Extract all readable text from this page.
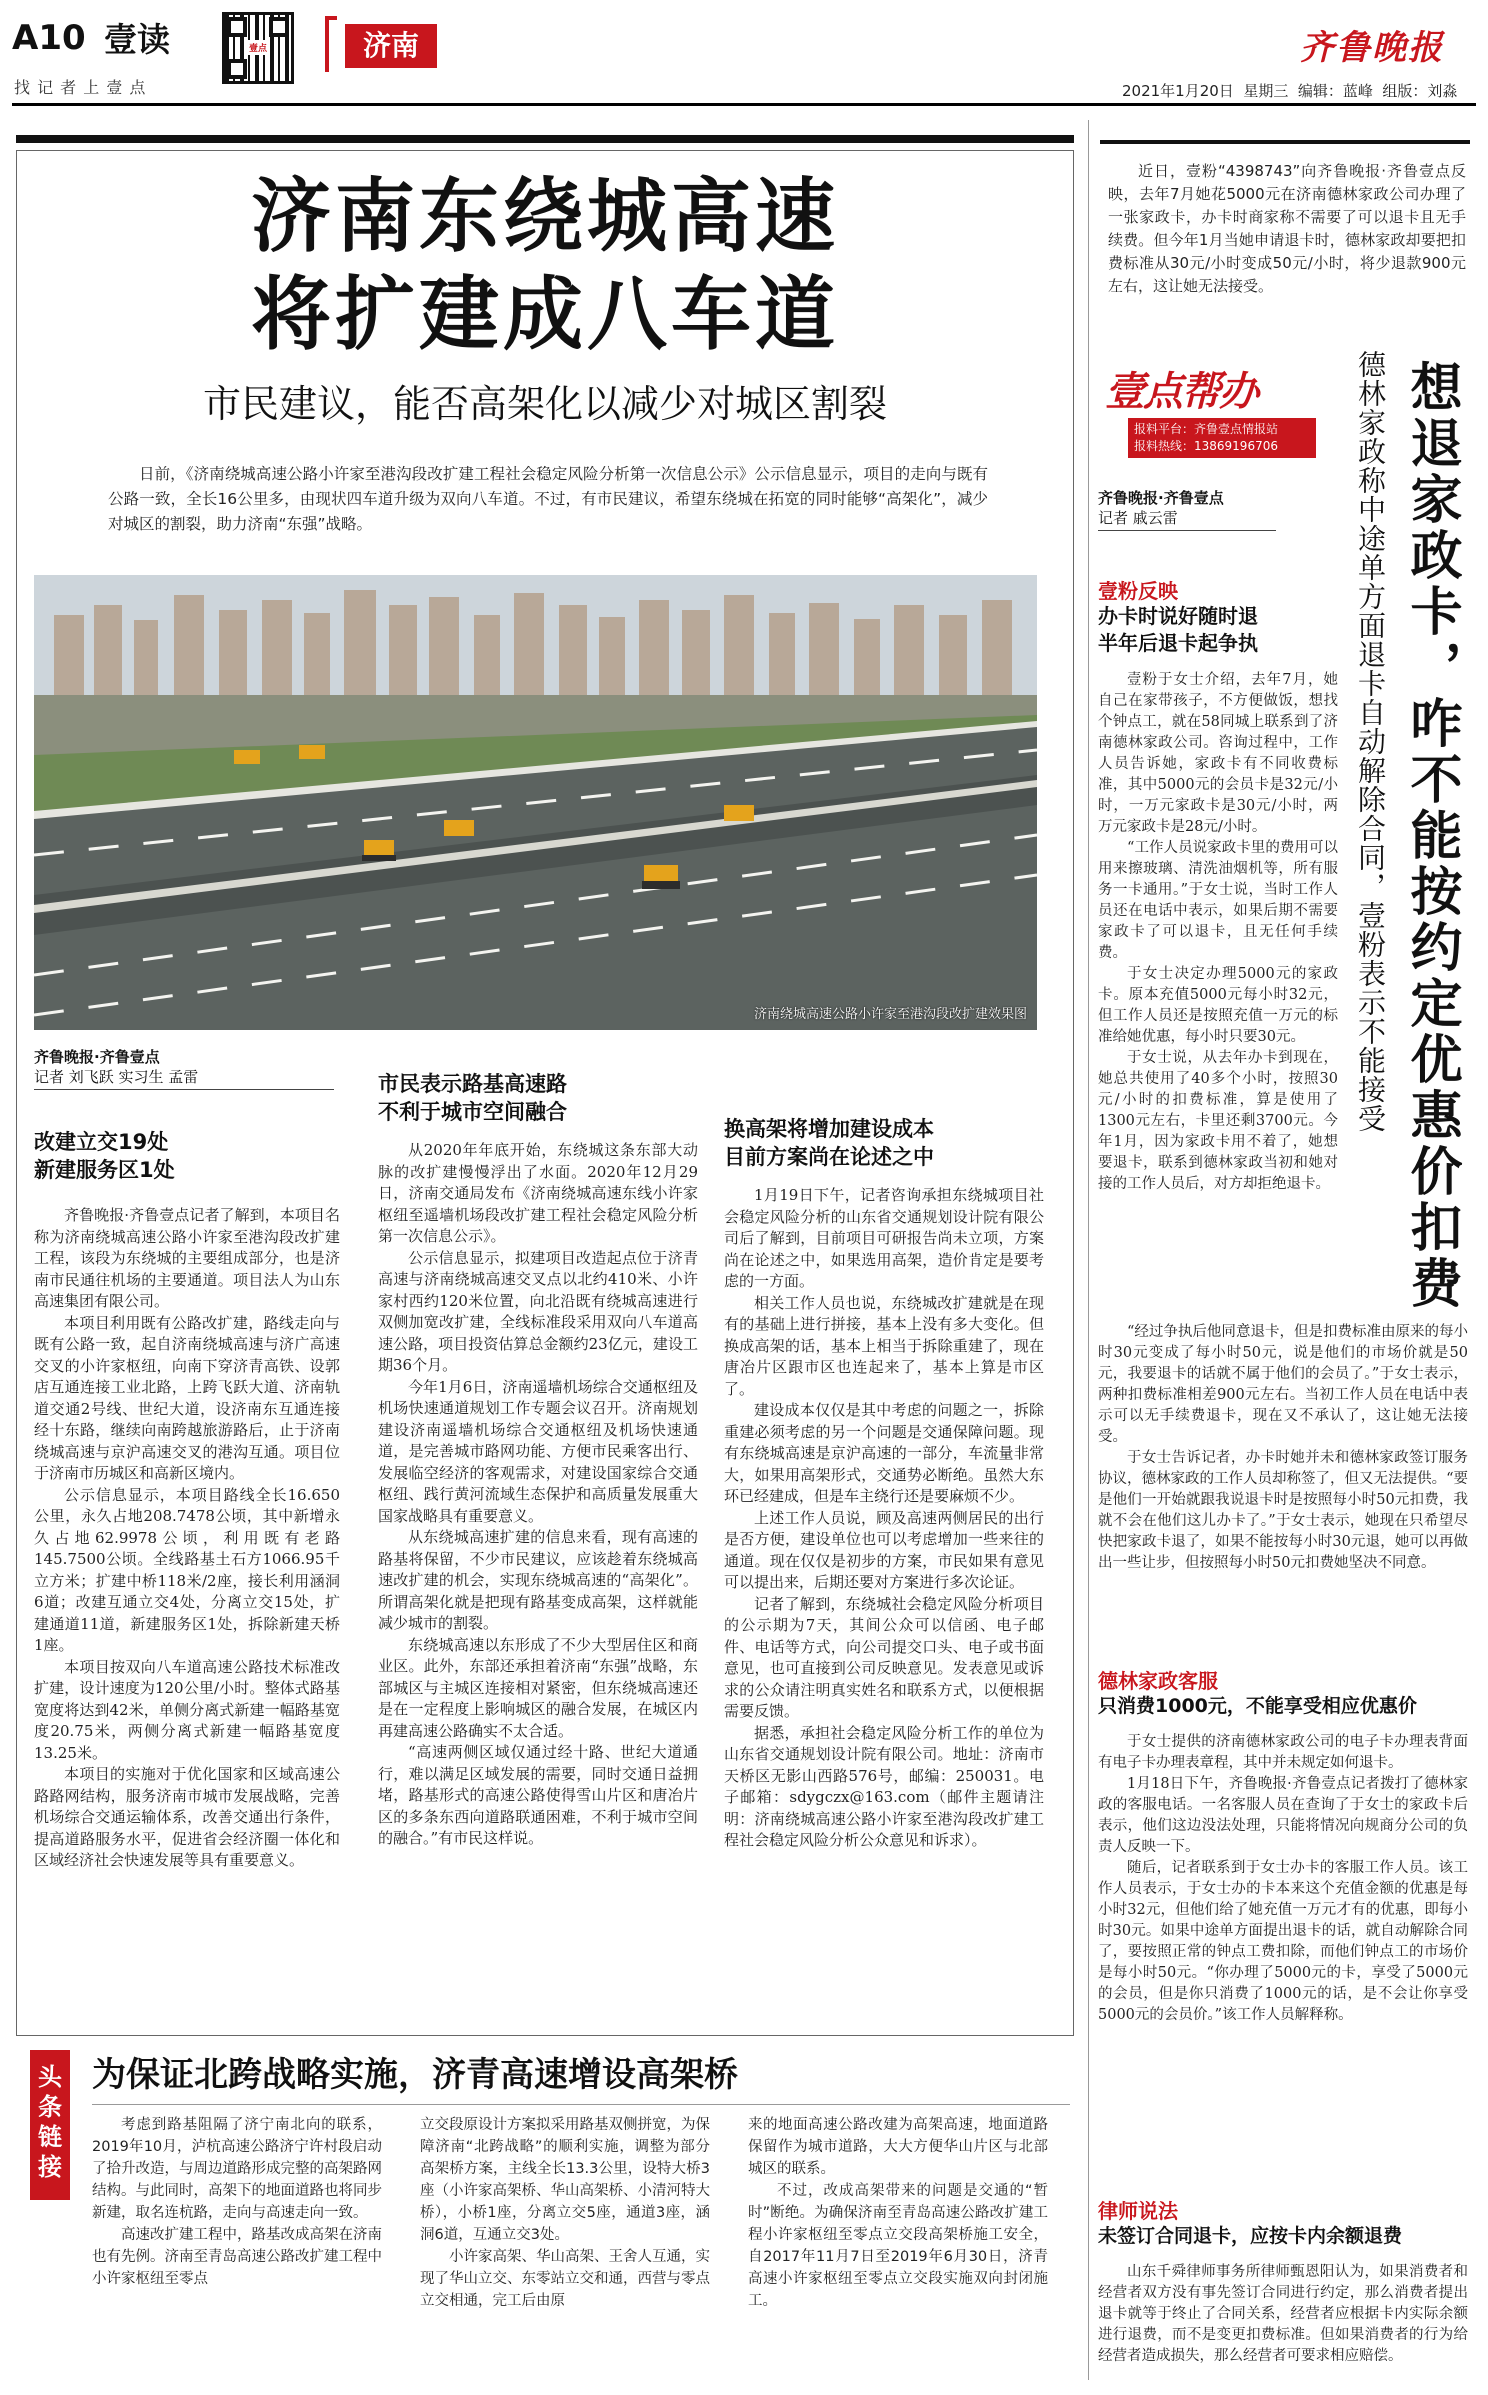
A10 壹读
找 记 者 上 壹 点
壹点	济南	齐鲁晚报
2021年1月20日  星期三  编辑：蓝峰  组版：刘淼
济南东绕城高速
将扩建成八车道
市民建议，能否高架化以减少对城区割裂

日前，《济南绕城高速公路小许家至港沟段改扩建工程社会稳定风险分析第一次信息公示》公示信息显示，项目的走向与既有公路一致，全长16公里多，由现状四车道升级为双向八车道。不过，有市民建议，希望东绕城在拓宽的同时能够“高架化”，减少对城区的割裂，助力济南“东强”战略。

济南绕城高速公路小许家至港沟段改扩建效果图
齐鲁晚报·齐鲁壹点
记者 刘飞跃 实习生 孟雷
改建立交19处
新建服务区1处

齐鲁晚报·齐鲁壹点记者了解到，本项目名称为济南绕城高速公路小许家至港沟段改扩建工程，该段为东绕城的主要组成部分，也是济南市民通往机场的主要通道。项目法人为山东高速集团有限公司。

本项目利用既有公路改扩建，路线走向与既有公路一致，起自济南绕城高速与济广高速交叉的小许家枢纽，向南下穿济青高铁、设郭店互通连接工业北路，上跨飞跃大道、济南轨道交通2号线、世纪大道，设济南东互通连接经十东路，继续向南跨越旅游路后，止于济南绕城高速与京沪高速交叉的港沟互通。项目位于济南市历城区和高新区境内。

公示信息显示，本项目路线全长16.650公里，永久占地208.7478公顷，其中新增永久占地62.9978公顷，利用既有老路145.7500公顷。全线路基土石方1066.95千立方米；扩建中桥118米/2座，接长利用涵洞6道；改建互通立交4处，分离立交15处，扩建通道11道，新建服务区1处，拆除新建天桥1座。

本项目按双向八车道高速公路技术标准改扩建，设计速度为120公里/小时。整体式路基宽度将达到42米，单侧分离式新建一幅路基宽度20.75米，两侧分离式新建一幅路基宽度13.25米。

本项目的实施对于优化国家和区域高速公路路网结构，服务济南市城市发展战略，完善机场综合交通运输体系，改善交通出行条件，提高道路服务水平，促进省会经济圈一体化和区域经济社会快速发展等具有重要意义。

市民表示路基高速路
不利于城市空间融合

从2020年年底开始，东绕城这条东部大动脉的改扩建慢慢浮出了水面。2020年12月29日，济南交通局发布《济南绕城高速东线小许家枢纽至遥墙机场段改扩建工程社会稳定风险分析第一次信息公示》。

公示信息显示，拟建项目改造起点位于济青高速与济南绕城高速交叉点以北约410米、小许家村西约120米位置，向北沿既有绕城高速进行双侧加宽改扩建，全线标准段采用双向八车道高速公路，项目投资估算总金额约23亿元，建设工期36个月。

今年1月6日，济南遥墙机场综合交通枢纽及机场快速通道规划工作专题会议召开。济南规划建设济南遥墙机场综合交通枢纽及机场快速通道，是完善城市路网功能、方便市民乘客出行、发展临空经济的客观需求，对建设国家综合交通枢纽、践行黄河流域生态保护和高质量发展重大国家战略具有重要意义。

从东绕城高速扩建的信息来看，现有高速的路基将保留，不少市民建议，应该趁着东绕城高速改扩建的机会，实现东绕城高速的“高架化”。所谓高架化就是把现有路基变成高架，这样就能减少城市的割裂。

东绕城高速以东形成了不少大型居住区和商业区。此外，东部还承担着济南“东强”战略，东部城区与主城区连接相对紧密，但东绕城高速还是在一定程度上影响城区的融合发展，在城区内再建高速公路确实不太合适。

“高速两侧区域仅通过经十路、世纪大道通行，难以满足区域发展的需要，同时交通日益拥堵，路基形式的高速公路使得雪山片区和唐冶片区的多条东西向道路联通困难，不利于城市空间的融合。”有市民这样说。

换高架将增加建设成本
目前方案尚在论述之中

1月19日下午，记者咨询承担东绕城项目社会稳定风险分析的山东省交通规划设计院有限公司后了解到，目前项目可研报告尚未立项，方案尚在论述之中，如果选用高架，造价肯定是要考虑的一方面。

相关工作人员也说，东绕城改扩建就是在现有的基础上进行拼接，基本上没有多大变化。但换成高架的话，基本上相当于拆除重建了，现在唐冶片区跟市区也连起来了，基本上算是市区了。

建设成本仅仅是其中考虑的问题之一，拆除重建必须考虑的另一个问题是交通保障问题。现有东绕城高速是京沪高速的一部分，车流量非常大，如果用高架形式，交通势必断绝。虽然大东环已经建成，但是车主绕行还是要麻烦不少。

上述工作人员说，顾及高速两侧居民的出行是否方便，建设单位也可以考虑增加一些来往的通道。现在仅仅是初步的方案，市民如果有意见可以提出来，后期还要对方案进行多次论证。

记者了解到，东绕城社会稳定风险分析项目的公示期为7天，其间公众可以信函、电子邮件、电话等方式，向公司提交口头、电子或书面意见，也可直接到公司反映意见。发表意见或诉求的公众请注明真实姓名和联系方式，以便根据需要反馈。

据悉，承担社会稳定风险分析工作的单位为山东省交通规划设计院有限公司。地址：济南市天桥区无影山西路576号，邮编：250031。电子邮箱：sdygczx@163.com（邮件主题请注明：济南绕城高速公路小许家至港沟段改扩建工程社会稳定风险分析公众意见和诉求）。

头条链接
为保证北跨战略实施，济青高速增设高架桥

考虑到路基阻隔了济宁南北向的联系，2019年10月，泸杭高速公路济宁许村段启动了拾升改造，与周边道路形成完整的高架路网结构。与此同时，高架下的地面道路也将同步新建，取名连杭路，走向与高速走向一致。

高速改扩建工程中，路基改成高架在济南也有先例。济南至青岛高速公路改扩建工程中小许家枢纽至零点

立交段原设计方案拟采用路基双侧拼宽，为保障济南“北跨战略”的顺利实施，调整为部分高架桥方案，主线全长13.3公里，设特大桥3座（小许家高架桥、华山高架桥、小清河特大桥），小桥1座，分离立交5座，通道3座，涵洞6道，互通立交3处。

小许家高架、华山高架、王舍人互通，实现了华山立交、东零站立交和通，西营与零点立交相通，完工后由原

来的地面高速公路改建为高架高速，地面道路保留作为城市道路，大大方便华山片区与北部城区的联系。

不过，改成高架带来的问题是交通的“暂时”断绝。为确保济南至青岛高速公路改扩建工程小许家枢纽至零点立交段高架桥施工安全，自2017年11月7日至2019年6月30日，济青高速小许家枢纽至零点立交段实施双向封闭施工。

近日，壹粉“4398743”向齐鲁晚报·齐鲁壹点反映，去年7月她花5000元在济南德林家政公司办理了一张家政卡，办卡时商家称不需要了可以退卡且无手续费。但今年1月当她申请退卡时，德林家政却要把扣费标准从30元/小时变成50元/小时，将少退款900元左右，这让她无法接受。

壹点帮办
报料平台：齐鲁壹点情报站
报料热线：13869196706	想退家政卡，咋不能按约定优惠价扣费
德林家政称中途单方面退卡自动解除合同，壹粉表示不能接受
齐鲁晚报·齐鲁壹点
记者 戚云雷
壹粉反映
办卡时说好随时退
半年后退卡起争执

壹粉于女士介绍，去年7月，她自己在家带孩子，不方便做饭，想找个钟点工，就在58同城上联系到了济南德林家政公司。咨询过程中，工作人员告诉她，家政卡有不同收费标准，其中5000元的会员卡是32元/小时，一万元家政卡是30元/小时，两万元家政卡是28元/小时。

“工作人员说家政卡里的费用可以用来擦玻璃、清洗油烟机等，所有服务一卡通用。”于女士说，当时工作人员还在电话中表示，如果后期不需要家政卡了可以退卡，且无任何手续费。

于女士决定办理5000元的家政卡。原本充值5000元每小时32元，但工作人员还是按照充值一万元的标准给她优惠，每小时只要30元。

于女士说，从去年办卡到现在，她总共使用了40多个小时，按照30元/小时的扣费标准，算是使用了1300元左右，卡里还剩3700元。今年1月，因为家政卡用不着了，她想要退卡，联系到德林家政当初和她对接的工作人员后，对方却拒绝退卡。

“经过争执后他同意退卡，但是扣费标准由原来的每小时30元变成了每小时50元，说是他们的市场价就是50元，我要退卡的话就不属于他们的会员了。”于女士表示，两种扣费标准相差900元左右。当初工作人员在电话中表示可以无手续费退卡，现在又不承认了，这让她无法接受。

于女士告诉记者，办卡时她并未和德林家政签订服务协议，德林家政的工作人员却称签了，但又无法提供。“要是他们一开始就跟我说退卡时是按照每小时50元扣费，我就不会在他们这儿办卡了。”于女士表示，她现在只希望尽快把家政卡退了，如果不能按每小时30元退，她可以再做出一些让步，但按照每小时50元扣费她坚决不同意。

德林家政客服
只消费1000元，不能享受相应优惠价

于女士提供的济南德林家政公司的电子卡办理表背面有电子卡办理表章程，其中并未规定如何退卡。

1月18日下午，齐鲁晚报·齐鲁壹点记者拨打了德林家政的客服电话。一名客服人员在查询了于女士的家政卡后表示，他们这边没法处理，只能将情况向规商分公司的负责人反映一下。

随后，记者联系到于女士办卡的客服工作人员。该工作人员表示，于女士办的卡本来这个充值金额的优惠是每小时32元，但他们给了她充值一万元才有的优惠，即每小时30元。如果中途单方面提出退卡的话，就自动解除合同了，要按照正常的钟点工费扣除，而他们钟点工的市场价是每小时50元。“你办理了5000元的卡，享受了5000元的会员，但是你只消费了1000元的话，是不会让你享受5000元的会员价。”该工作人员解释称。

律师说法
未签订合同退卡，应按卡内余额退费

山东千舜律师事务所律师甄恩阳认为，如果消费者和经营者双方没有事先签订合同进行约定，那么消费者提出退卡就等于终止了合同关系，经营者应根据卡内实际余额进行退费，而不是变更扣费标准。但如果消费者的行为给经营者造成损失，那么经营者可要求相应赔偿。
